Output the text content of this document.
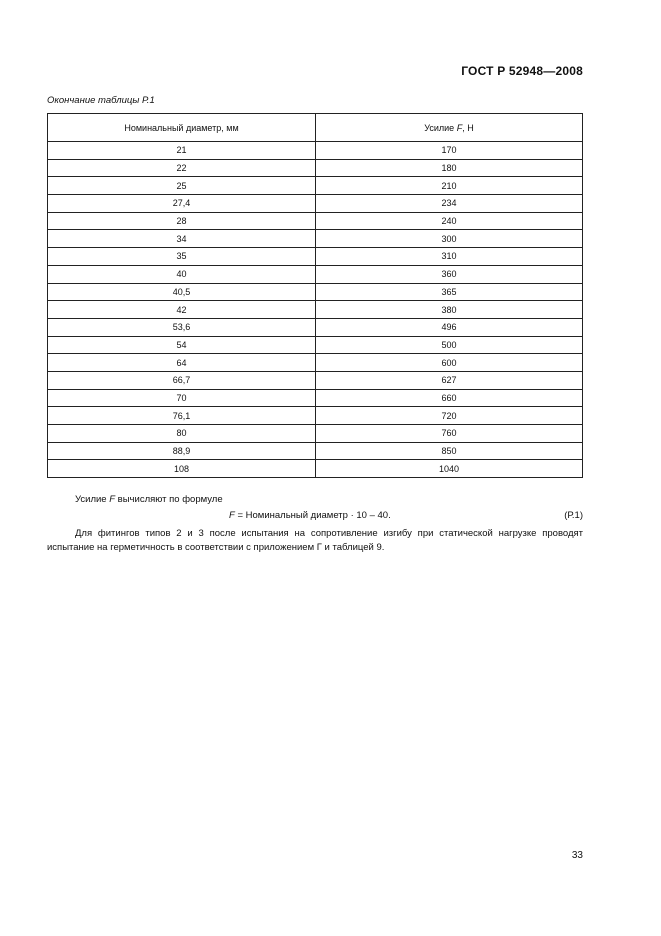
ГОСТ Р 52948—2008
Окончание таблицы Р.1
Номинальный диаметр, мм	Усилие F, Н
21	170
22	180
25	210
27,4	234
28	240
34	300
35	310
40	360
40,5	365
42	380
53,6	496
54	500
64	600
66,7	627
70	660
76,1	720
80	760
88,9	850
108	1040
Усилие F вычисляют по формуле
F = Номинальный диаметр · 10 – 40.	(Р.1)
Для фитингов типов 2 и 3 после испытания на сопротивление изгибу при статической нагрузке проводят испытание на герметичность в соответствии с приложением Г и таблицей 9.
33
